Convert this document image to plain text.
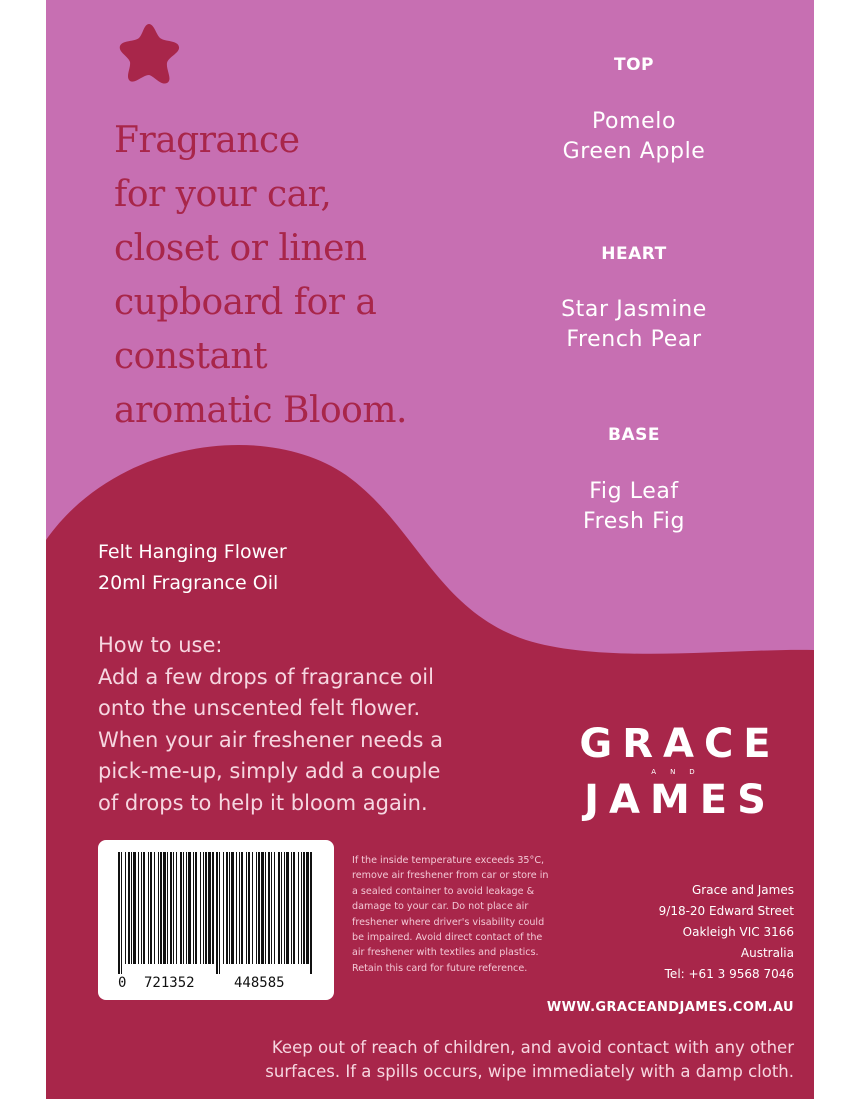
Fragrance
for your car,
closet or linen
cupboard for a
constant
aromatic Bloom.
TOP
Pomelo
Green Apple
HEART
Star Jasmine
French Pear
BASE
Fig Leaf
Fresh Fig
Felt Hanging Flower
20ml Fragrance Oil
How to use:
Add a few drops of fragrance oil
onto the unscented felt flower.
When your air freshener needs a
pick-me-up, simply add a couple
of drops to help it bloom again.
GRACE
AND
JAMES
0 721352	448585
If the inside temperature exceeds 35°C,
remove air freshener from car or store in
a sealed container to avoid leakage &
damage to your car. Do not place air
freshener where driver's visability could
be impaired. Avoid direct contact of the
air freshener with textiles and plastics.
Retain this card for future reference.
Grace and James
9/18-20 Edward Street
Oakleigh VIC 3166
Australia
Tel: +61 3 9568 7046
WWW.GRACEANDJAMES.COM.AU
Keep out of reach of children, and avoid contact with any other
surfaces. If a spills occurs, wipe immediately with a damp cloth.
